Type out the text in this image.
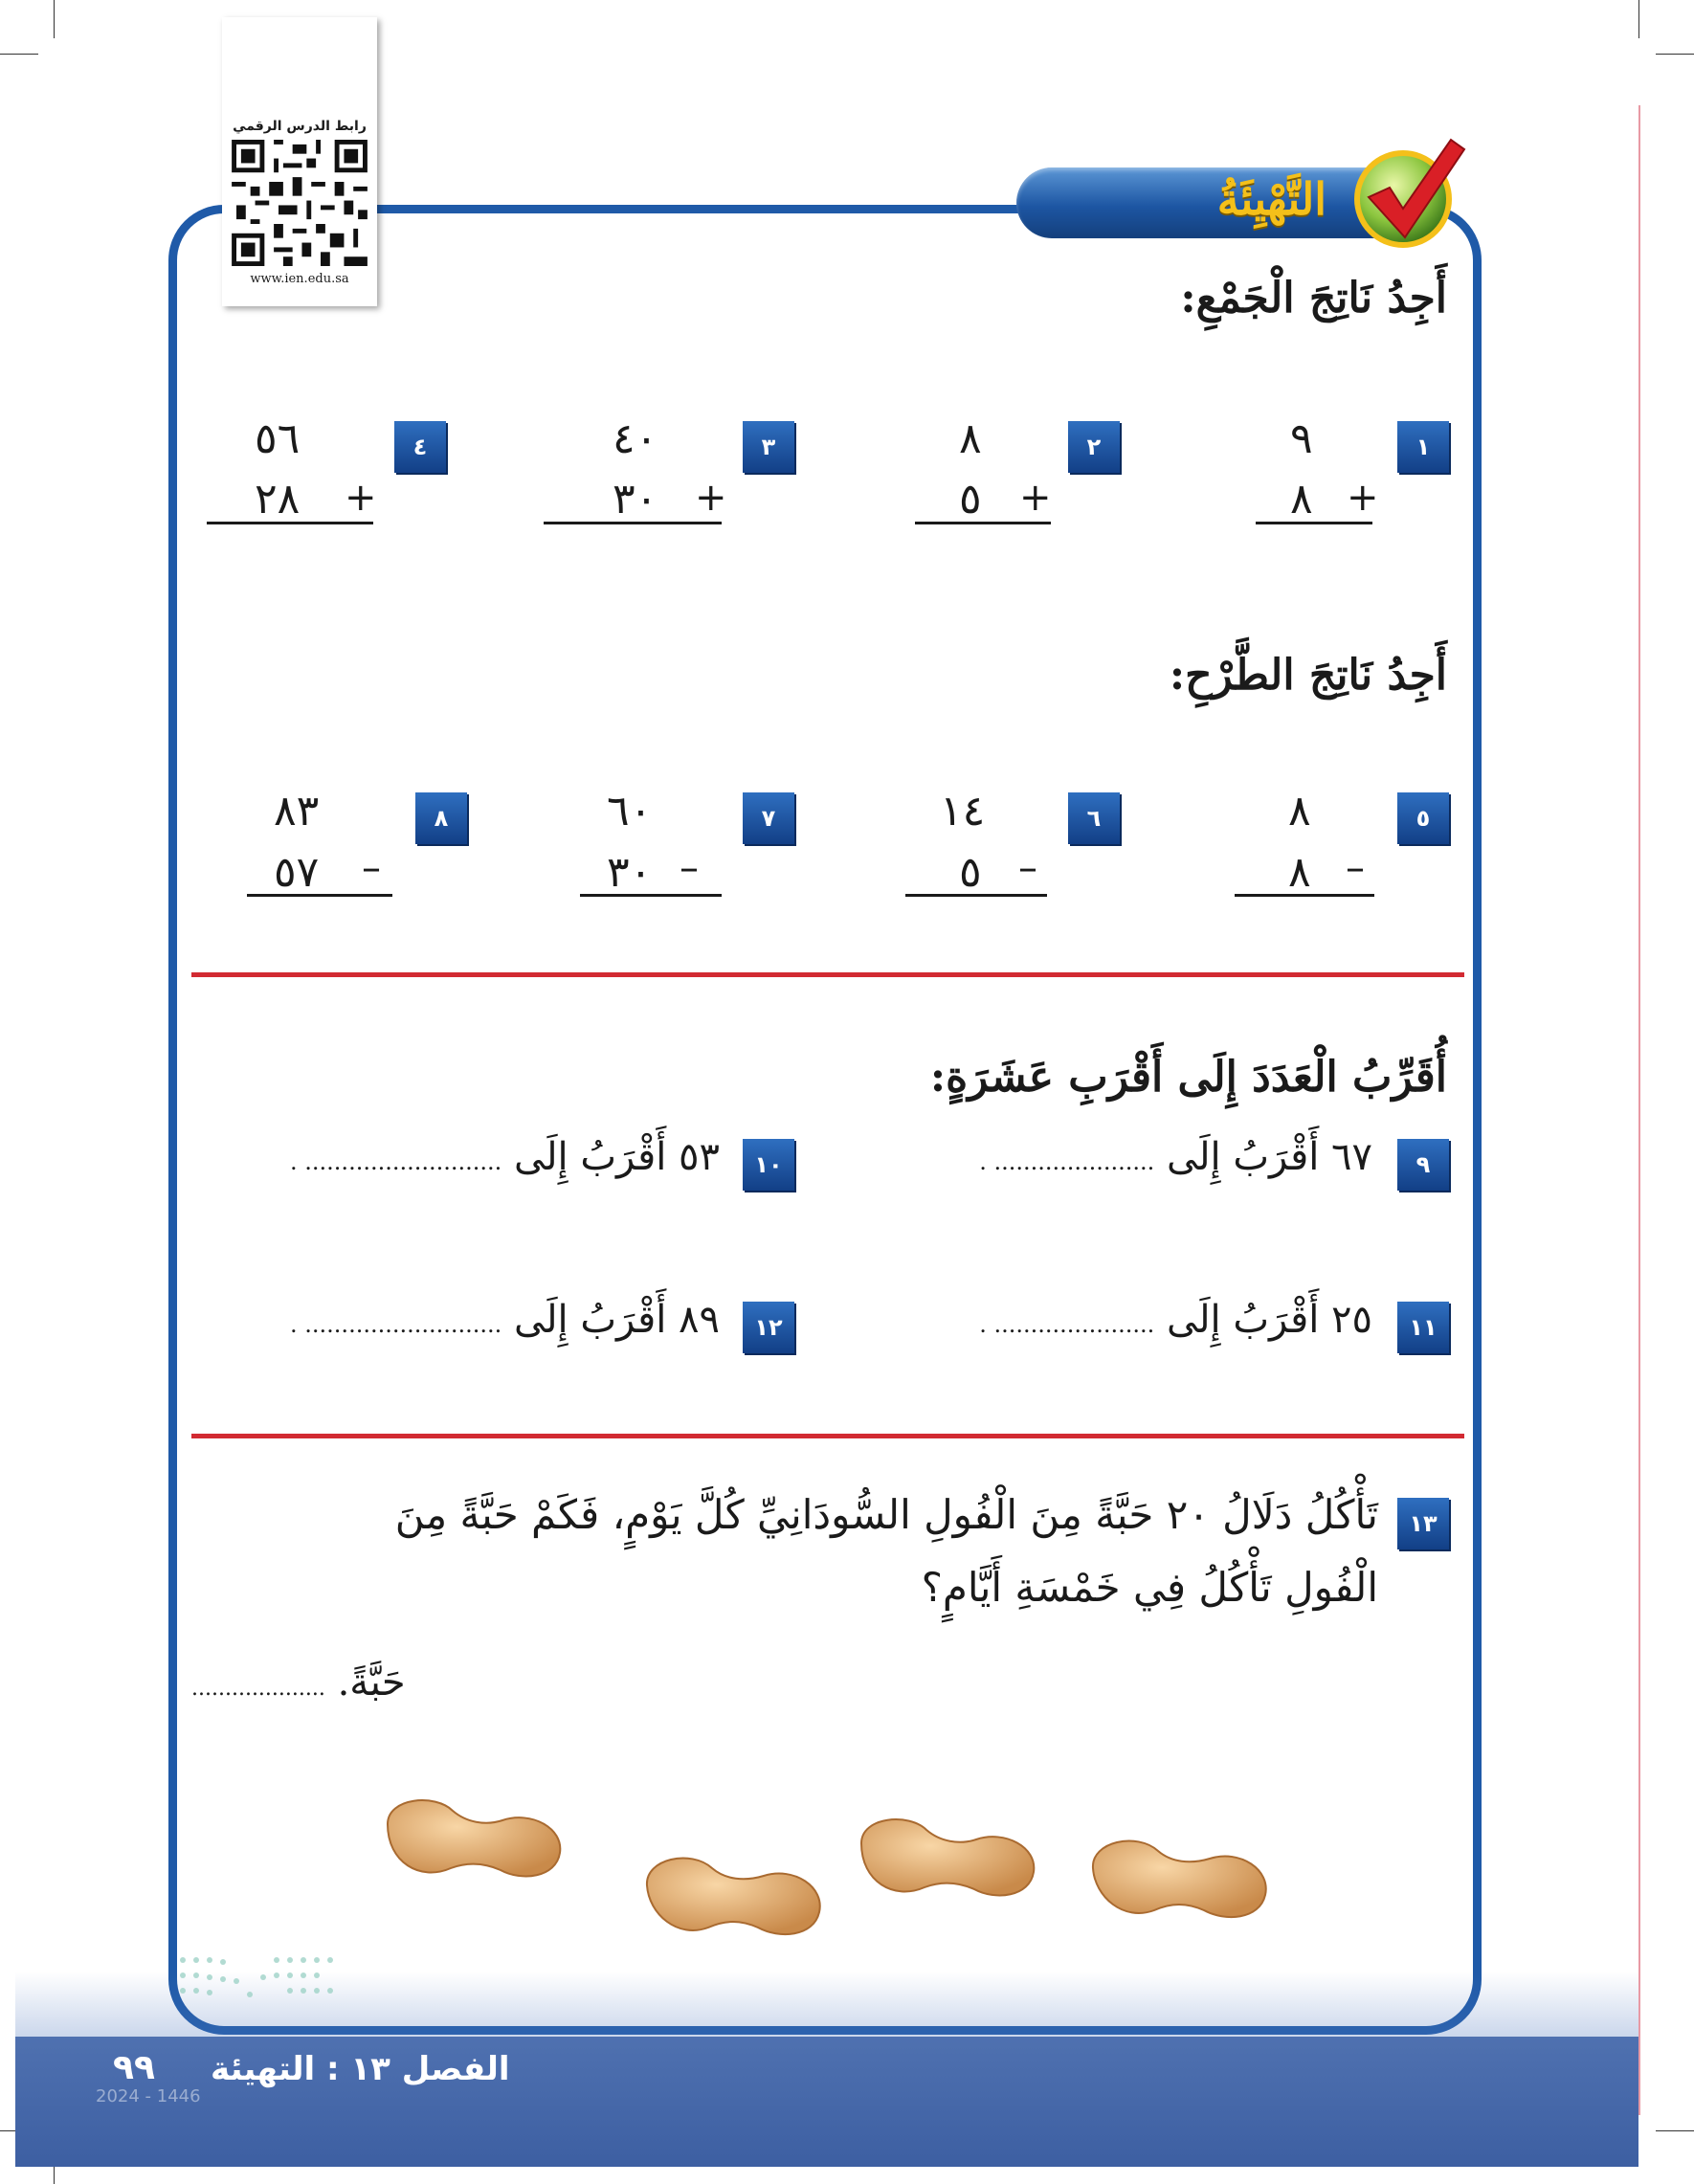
رابط الدرس الرقمي
www.ien.edu.sa
التَّهْيِئَةُ
أَجِدُ نَاتِجَ الْجَمْعِ:
١
٩
+
٨
٢
٨
+
٥
٣
٤٠
+
٣٠
٤
٥٦
+
٢٨
أَجِدُ نَاتِجَ الطَّرْحِ:
٥
٨
–
٨
٦
١٤
–
٥
٧
٦٠
–
٣٠
٨
٨٣
–
٥٧
أُقَرِّبُ الْعَدَدَ إِلَى أَقْرَبِ عَشَرَةٍ:
٩
٦٧ أَقْرَبُ إِلَى ...................... .
١٠
٥٣ أَقْرَبُ إِلَى ........................... .
١١
٢٥ أَقْرَبُ إِلَى ...................... .
١٢
٨٩ أَقْرَبُ إِلَى ........................... .
١٣
تَأْكُلُ دَلَالُ ٢٠ حَبَّةً مِنَ الْفُولِ السُّودَانِيِّ كُلَّ يَوْمٍ، فَكَمْ حَبَّةً مِنَ الْفُولِ تَأْكُلُ فِي خَمْسَةِ أَيَّامٍ؟
حَبَّةً. ....................
٩٩ الفصل ١٣ : التهيئة
2024 - 1446
